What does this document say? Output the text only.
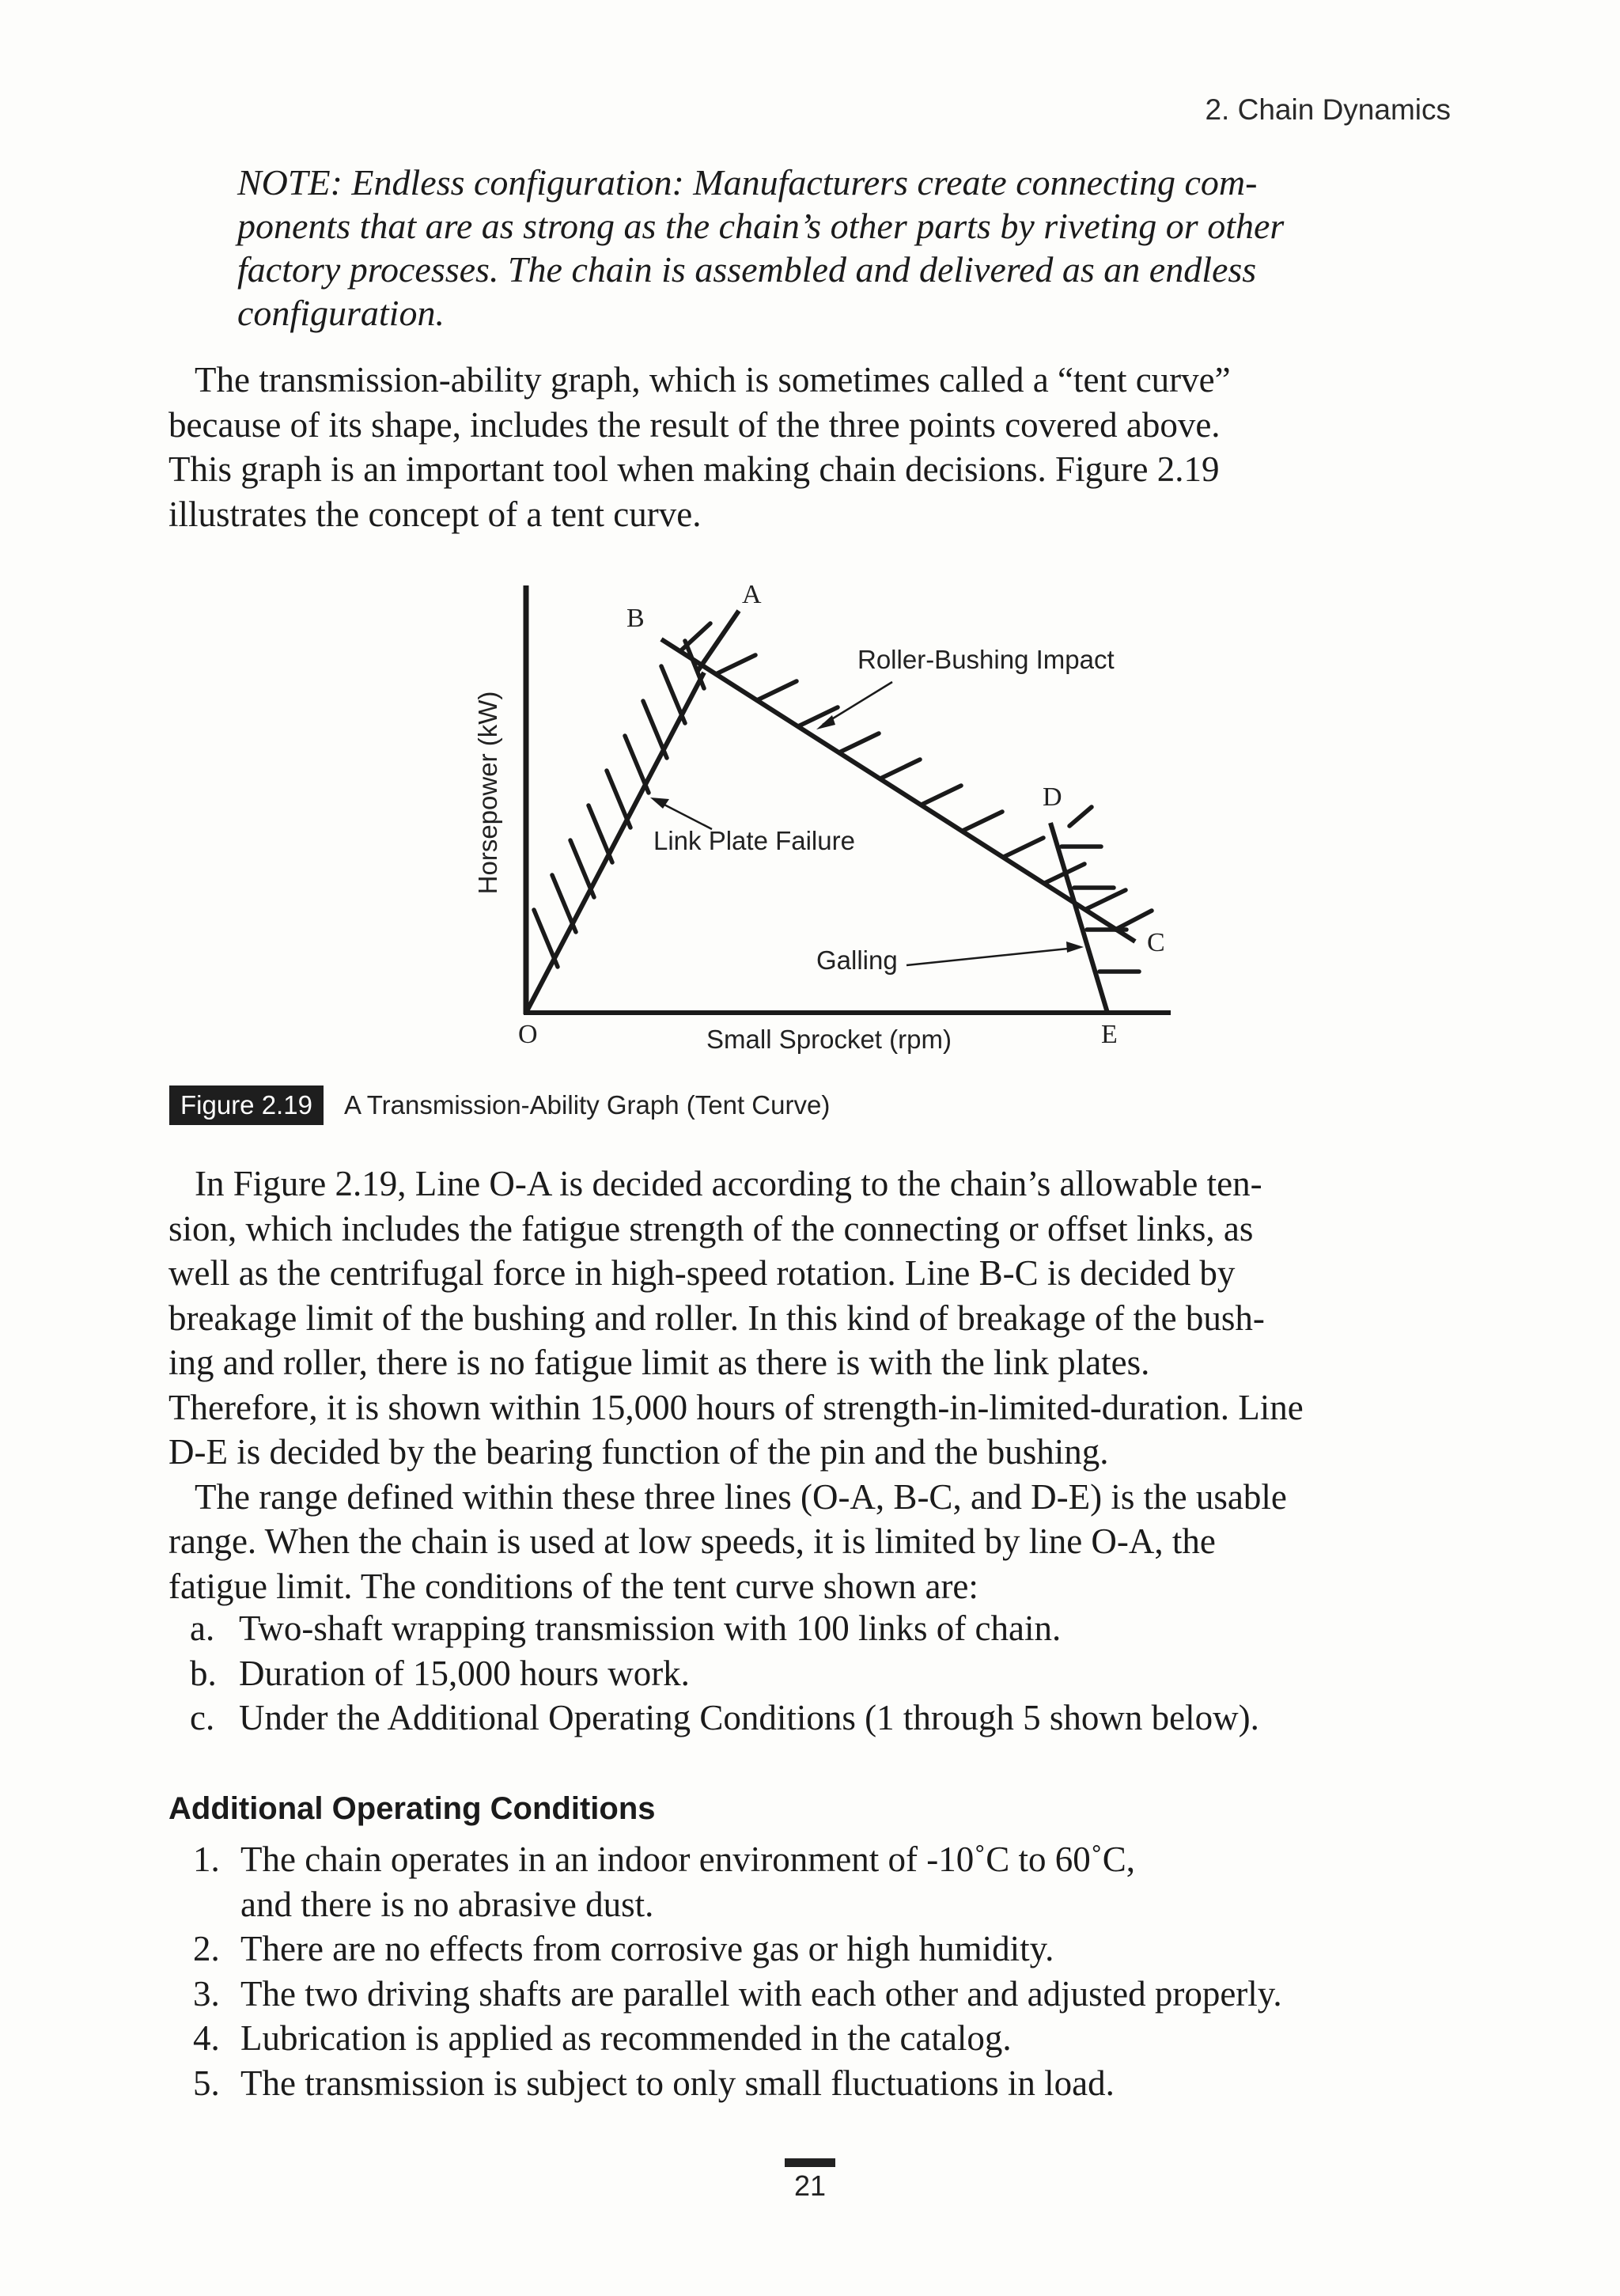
2. Chain Dynamics
NOTE: Endless configuration: Manufacturers create connecting com-
ponents that are as strong as the chain’s other parts by riveting or other
factory processes. The chain is assembled and delivered as an endless
configuration.
The transmission-ability graph, which is sometimes called a “tent curve”
because of its shape, includes the result of the three points covered above.
This graph is an important tool when making chain decisions. Figure 2.19
illustrates the concept of a tent curve.
O
A
B
C
D
E
Roller-Bushing Impact
Link Plate Failure
Galling
Horsepower (kW)
Small Sprocket (rpm)
Figure 2.19	A Transmission-Ability Graph (Tent Curve)
In Figure 2.19, Line O-A is decided according to the chain’s allowable ten-
sion, which includes the fatigue strength of the connecting or offset links, as
well as the centrifugal force in high-speed rotation. Line B-C is decided by
breakage limit of the bushing and roller. In this kind of breakage of the bush-
ing and roller, there is no fatigue limit as there is with the link plates.
Therefore, it is shown within 15,000 hours of strength-in-limited-duration. Line
D-E is decided by the bearing function of the pin and the bushing.
The range defined within these three lines (O-A, B-C, and D-E) is the usable
range. When the chain is used at low speeds, it is limited by line O-A, the
fatigue limit. The conditions of the tent curve shown are:
a. Two-shaft wrapping transmission with 100 links of chain.
b. Duration of 15,000 hours work.
c. Under the Additional Operating Conditions (1 through 5 shown below).
Additional Operating Conditions
1. The chain operates in an indoor environment of -10˚C to 60˚C,
and there is no abrasive dust.
2. There are no effects from corrosive gas or high humidity.
3. The two driving shafts are parallel with each other and adjusted properly.
4. Lubrication is applied as recommended in the catalog.
5. The transmission is subject to only small fluctuations in load.
21
